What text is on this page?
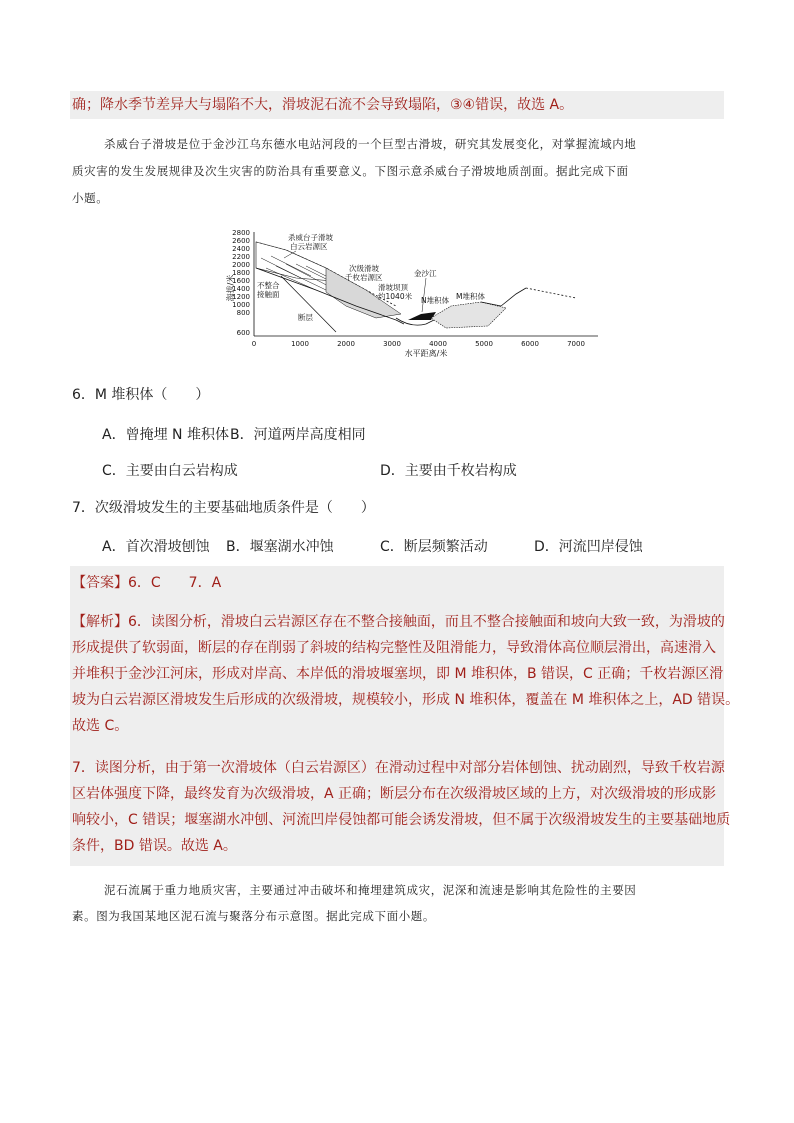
确；降水季节差异大与塌陷不大，滑坡泥石流不会导致塌陷，③④错误，故选 A。
杀威台子滑坡是位于金沙江乌东德水电站河段的一个巨型古滑坡，研究其发展变化，对掌握流域内地
质灾害的发生发展规律及次生灾害的防治具有重要意义。下图示意杀威台子滑坡地质剖面。据此完成下面
小题。
2800
2600
2400
2200
2000
1800
1600
1400
1200
1000
800
600
海拔/米
0	1000	2000	3000	4000	5000	6000	7000
水平距离/米
杀威台子滑坡
白云岩源区
次级滑坡
千枚岩源区	金沙江
滑坡坝顶
约1040米 N堆积体 M堆积体
不整合
接触面
断层
6．M 堆积体（　　）
A．曾掩埋 N 堆积体 B．河道两岸高度相同
C．主要由白云岩构成	D．主要由千枚岩构成
7．次级滑坡发生的主要基础地质条件是（　　）
A．首次滑坡刨蚀 B．堰塞湖水冲蚀	C．断层频繁活动	D．河流凹岸侵蚀
【答案】6．C　　7．A
【解析】6．读图分析，滑坡白云岩源区存在不整合接触面，而且不整合接触面和坡向大致一致，为滑坡的
形成提供了软弱面，断层的存在削弱了斜坡的结构完整性及阻滑能力，导致滑体高位顺层滑出，高速滑入
并堆积于金沙江河床，形成对岸高、本岸低的滑坡堰塞坝，即 M 堆积体，B 错误，C 正确；千枚岩源区滑
坡为白云岩源区滑坡发生后形成的次级滑坡，规模较小，形成 N 堆积体，覆盖在 M 堆积体之上，AD 错误。
故选 C。
7．读图分析，由于第一次滑坡体（白云岩源区）在滑动过程中对部分岩体刨蚀、扰动剧烈，导致千枚岩源
区岩体强度下降，最终发育为次级滑坡，A 正确；断层分布在次级滑坡区域的上方，对次级滑坡的形成影
响较小，C 错误；堰塞湖水冲刨、河流凹岸侵蚀都可能会诱发滑坡，但不属于次级滑坡发生的主要基础地质
条件，BD 错误。故选 A。
泥石流属于重力地质灾害，主要通过冲击破坏和掩埋建筑成灾，泥深和流速是影响其危险性的主要因
素。图为我国某地区泥石流与聚落分布示意图。据此完成下面小题。
